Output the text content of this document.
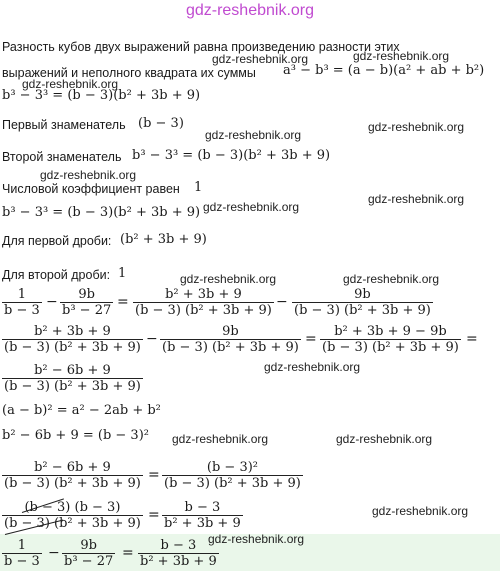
gdz-reshebnik.org
Разность кубов двух выражений равна произведению разности этих
выражений и неполного квадрата их суммы a³ − b³ = (a − b)(a² + ab + b²)
b³ − 3³ = (b − 3)(b² + 3b + 9)
Первый знаменатель (b − 3)
Второй знаменатель b³ − 3³ = (b − 3)(b² + 3b + 9)
Числовой коэффициент равен 1
b³ − 3³ = (b − 3)(b² + 3b + 9)
Для первой дроби: (b² + 3b + 9)
Для второй дроби: 1
$\frac{1}{b - 3} - \frac{9b}{\text{b³ − 27}} = \frac{\text{b² + 3b + 9}}{\text{(b − 3) (b² + 3b + 9)}} - \frac{9b}{\text{(b − 3) (b² + 3b + 9)}}$
$\frac{\text{b² + 3b + 9}}{\text{(b − 3) (b² + 3b + 9)}} - \frac{9b}{\text{(b − 3) (b² + 3b + 9)}} = \frac{\text{b² + 3b + 9 − 9b}}{\text{(b − 3) (b² + 3b + 9)}}$ =
$\frac{\text{b² − 6b + 9}}{\text{(b − 3) (b² + 3b + 9)}}$
(a − b)² = a² − 2ab + b²
b² − 6b + 9 = (b − 3)²
$\frac{\text{b² − 6b + 9}}{\text{(b − 3) (b² + 3b + 9)}} = \frac{\text{(b − 3)²}}{\text{(b − 3) (b² + 3b + 9)}}$
$\frac{(b - 3) (b - 3)}{\text{(b − 3) (b² + 3b + 9)}} = \frac{b - 3}{\text{b² + 3b + 9}}$
$\frac{1}{b - 3} - \frac{9b}{\text{b³ − 27}} = \frac{b - 3}{\text{b² + 3b + 9}}$
gdz-reshebnik.org	gdz-reshebnik.org
gdz-reshebnik.org
gdz-reshebnik.org
gdz-reshebnik.org
gdz-reshebnik.org
gdz-reshebnik.org
gdz-reshebnik.org
gdz-reshebnik.org	gdz-reshebnik.org
gdz-reshebnik.org
gdz-reshebnik.org	gdz-reshebnik.org
gdz-reshebnik.org
gdz-reshebnik.org
